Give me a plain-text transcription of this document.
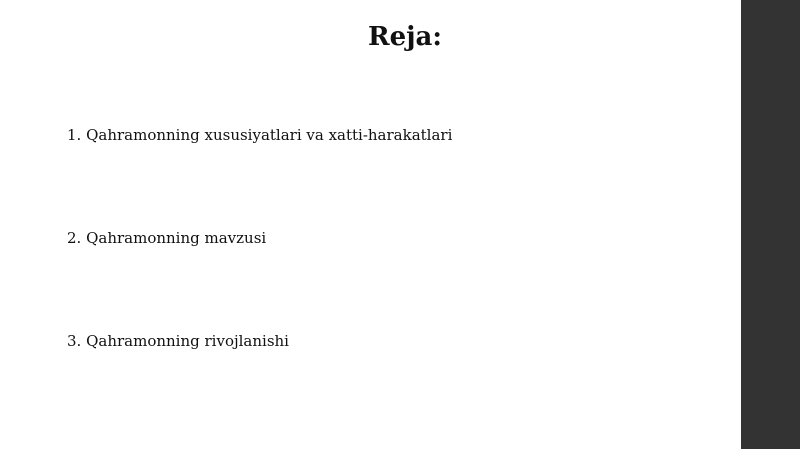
Reja:
1. Qahramonning xususiyatlari va xatti-harakatlari
2. Qahramonning mavzusi
3. Qahramonning rivojlanishi
